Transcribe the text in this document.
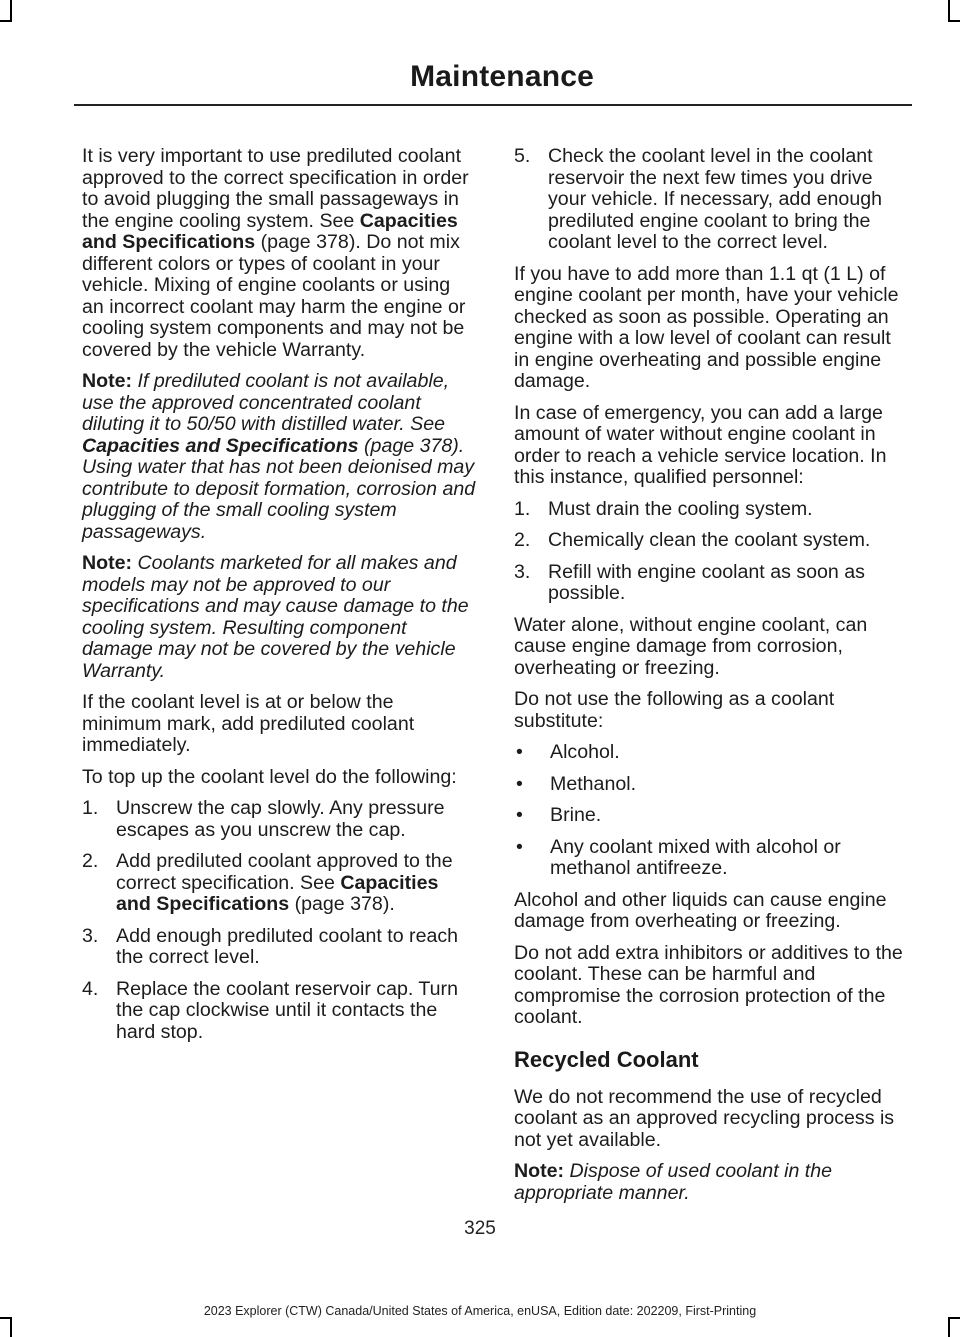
Maintenance

It is very important to use prediluted coolant approved to the correct specification in order to avoid plugging the small passageways in the engine cooling system. See Capacities and Specifications (page 378). Do not mix different colors or types of coolant in your vehicle. Mixing of engine coolants or using an incorrect coolant may harm the engine or cooling system components and may not be covered by the vehicle Warranty.

Note: If prediluted coolant is not available, use the approved concentrated coolant diluting it to 50/50 with distilled water. See Capacities and Specifications (page 378). Using water that has not been deionised may contribute to deposit formation, corrosion and plugging of the small cooling system passageways.

Note: Coolants marketed for all makes and models may not be approved to our specifications and may cause damage to the cooling system. Resulting component damage may not be covered by the vehicle Warranty.

If the coolant level is at or below the minimum mark, add prediluted coolant immediately.

To top up the coolant level do the following:

1. Unscrew the cap slowly. Any pressure escapes as you unscrew the cap.
2. Add prediluted coolant approved to the correct specification. See Capacities and Specifications (page 378).
3. Add enough prediluted coolant to reach the correct level.
4. Replace the coolant reservoir cap. Turn the cap clockwise until it contacts the hard stop.
5. Check the coolant level in the coolant reservoir the next few times you drive your vehicle. If necessary, add enough prediluted engine coolant to bring the coolant level to the correct level.

If you have to add more than 1.1 qt (1 L) of engine coolant per month, have your vehicle checked as soon as possible. Operating an engine with a low level of coolant can result in engine overheating and possible engine damage.

In case of emergency, you can add a large amount of water without engine coolant in order to reach a vehicle service location. In this instance, qualified personnel:

1. Must drain the cooling system.
2. Chemically clean the coolant system.
3. Refill with engine coolant as soon as possible.

Water alone, without engine coolant, can cause engine damage from corrosion, overheating or freezing.

Do not use the following as a coolant substitute:

•	Alcohol.
•	Methanol.
•	Brine.
•	Any coolant mixed with alcohol or methanol antifreeze.

Alcohol and other liquids can cause engine damage from overheating or freezing.

Do not add extra inhibitors or additives to the coolant. These can be harmful and compromise the corrosion protection of the coolant.

Recycled Coolant

We do not recommend the use of recycled coolant as an approved recycling process is not yet available.

Note: Dispose of used coolant in the appropriate manner.

325
2023 Explorer (CTW) Canada/United States of America, enUSA, Edition date: 202209, First-Printing
